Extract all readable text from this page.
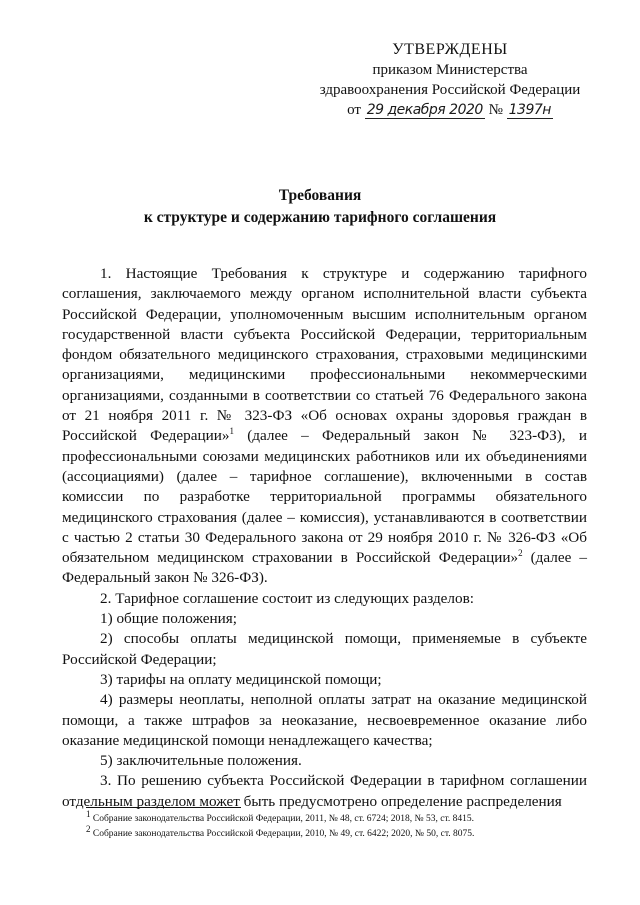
УТВЕРЖДЕНЫ
приказом Министерства
здравоохранения Российской Федерации
от 29 декабря 2020 № 1397н
Требования
к структуре и содержанию тарифного соглашения

1. Настоящие Требования к структуре и содержанию тарифного соглашения, заключаемого между органом исполнительной власти субъекта Российской Федерации, уполномоченным высшим исполнительным органом государственной власти субъекта Российской Федерации, территориальным фондом обязательного медицинского страхования, страховыми медицинскими организациями, медицинскими профессиональными некоммерческими организациями, созданными в соответствии со статьей 76 Федерального закона от 21 ноября 2011 г. № 323-ФЗ «Об основах охраны здоровья граждан в Российской Федерации»$^1$ (далее – Федеральный закон № 323-ФЗ), и профессиональными союзами медицинских работников или их объединениями (ассоциациями) (далее – тарифное соглашение), включенными в состав комиссии по разработке территориальной программы обязательного медицинского страхования (далее – комиссия), устанавливаются в соответствии с частью 2 статьи 30 Федерального закона от 29 ноября 2010 г. № 326-ФЗ «Об обязательном медицинском страховании в Российской Федерации»$^2$ (далее – Федеральный закон № 326-ФЗ).

2. Тарифное соглашение состоит из следующих разделов:

1) общие положения;

2) способы оплаты медицинской помощи, применяемые в субъекте Российской Федерации;

3) тарифы на оплату медицинской помощи;

4) размеры неоплаты, неполной оплаты затрат на оказание медицинской помощи, а также штрафов за неоказание, несвоевременное оказание либо оказание медицинской помощи ненадлежащего качества;

5) заключительные положения.

3. По решению субъекта Российской Федерации в тарифном соглашении отдельным разделом может быть предусмотрено определение распределения

$^1$ Собрание законодательства Российской Федерации, 2011, № 48, ст. 6724; 2018, № 53, ст. 8415.

$^2$ Собрание законодательства Российской Федерации, 2010, № 49, ст. 6422; 2020, № 50, ст. 8075.
